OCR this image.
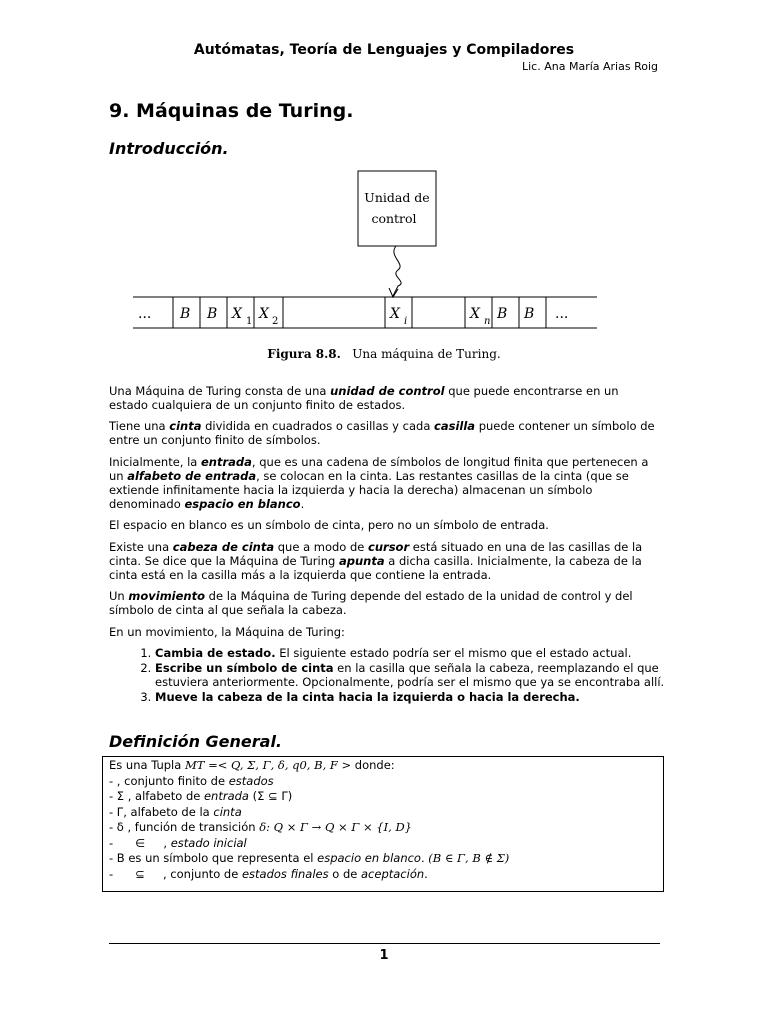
Autómatas, Teoría de Lenguajes y Compiladores
Lic. Ana María Arias Roig
9. Máquinas de Turing.
Introducción.
Unidad de
control
... B B X 1 X 2	X i	X n B B ...
Figura 8.8. Una máquina de Turing.
Una Máquina de Turing consta de una unidad de control que puede encontrarse en un estado cualquiera de un conjunto finito de estados.
Tiene una cinta dividida en cuadrados o casillas y cada casilla puede contener un símbolo de entre un conjunto finito de símbolos.
Inicialmente, la entrada, que es una cadena de símbolos de longitud finita que pertenecen a un alfabeto de entrada, se colocan en la cinta. Las restantes casillas de la cinta (que se extiende infinitamente hacia la izquierda y hacia la derecha) almacenan un símbolo denominado espacio en blanco.
El espacio en blanco es un símbolo de cinta, pero no un símbolo de entrada.
Existe una cabeza de cinta que a modo de cursor está situado en una de las casillas de la cinta. Se dice que la Máquina de Turing apunta a dicha casilla. Inicialmente, la cabeza de la cinta está en la casilla más a la izquierda que contiene la entrada.
Un movimiento de la Máquina de Turing depende del estado de la unidad de control y del símbolo de cinta al que señala la cabeza.
En un movimiento, la Máquina de Turing:
1. Cambia de estado. El siguiente estado podría ser el mismo que el estado actual.
2. Escribe un símbolo de cinta en la casilla que señala la cabeza, reemplazando el que estuviera anteriormente. Opcionalmente, podría ser el mismo que ya se encontraba allí.
3. Mueve la cabeza de la cinta hacia la izquierda o hacia la derecha.
Definición General.
Es una Tupla MT =< Q, Σ, Γ, δ, q0, B, F > donde:
- , conjunto finito de estados
- Σ , alfabeto de entrada (Σ ⊆ Γ)
- Γ, alfabeto de la cinta
- δ , función de transición δ: Q × Γ → Q × Γ × {I, D}
-      ∈     , estado inicial
- B es un símbolo que representa el espacio en blanco. (B ∈ Γ, B ∉ Σ)
-      ⊆     , conjunto de estados finales o de aceptación.
1
